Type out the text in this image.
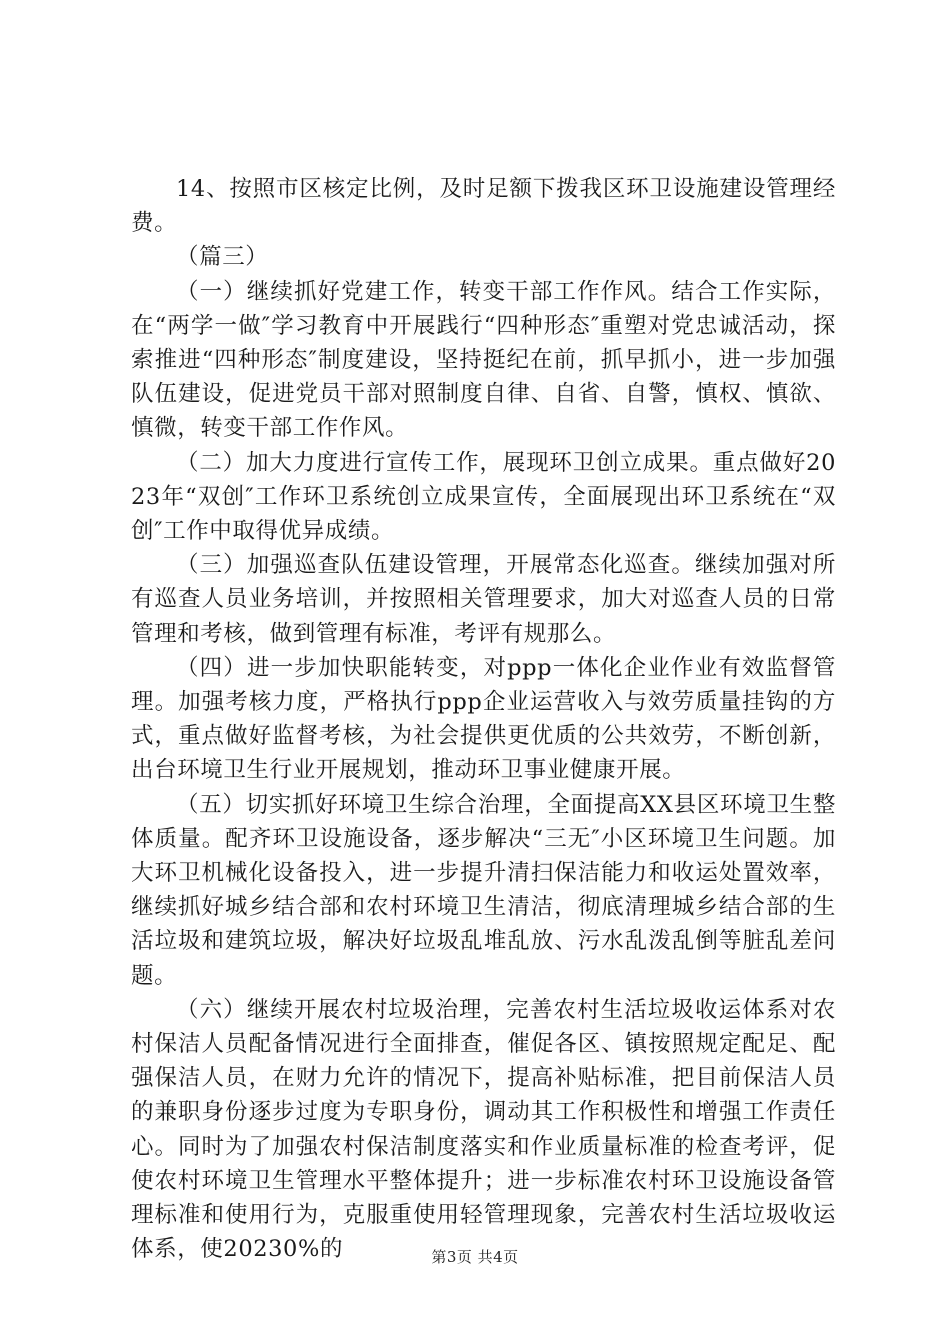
14、按照市区核定比例，及时足额下拨我区环卫设施建设管理经费。

（篇三）

（一）继续抓好党建工作，转变干部工作作风。结合工作实际，在“两学一做″学习教育中开展践行“四种形态″重塑对党忠诚活动，探索推进“四种形态″制度建设，坚持挺纪在前，抓早抓小，进一步加强队伍建设，促进党员干部对照制度自律、自省、自警，慎权、慎欲、慎微，转变干部工作作风。

（二）加大力度进行宣传工作，展现环卫创立成果。重点做好2023年“双创″工作环卫系统创立成果宣传，全面展现出环卫系统在“双创″工作中取得优异成绩。

（三）加强巡查队伍建设管理，开展常态化巡查。继续加强对所有巡查人员业务培训，并按照相关管理要求，加大对巡查人员的日常管理和考核，做到管理有标准，考评有规那么。

（四）进一步加快职能转变，对ppp一体化企业作业有效监督管理。加强考核力度，严格执行ppp企业运营收入与效劳质量挂钩的方式，重点做好监督考核，为社会提供更优质的公共效劳，不断创新，出台环境卫生行业开展规划，推动环卫事业健康开展。

（五）切实抓好环境卫生综合治理，全面提高XX县区环境卫生整体质量。配齐环卫设施设备，逐步解决“三无″小区环境卫生问题。加大环卫机械化设备投入，进一步提升清扫保洁能力和收运处置效率，继续抓好城乡结合部和农村环境卫生清洁，彻底清理城乡结合部的生活垃圾和建筑垃圾，解决好垃圾乱堆乱放、污水乱泼乱倒等脏乱差问题。

（六）继续开展农村垃圾治理，完善农村生活垃圾收运体系对农村保洁人员配备情况进行全面排查，催促各区、镇按照规定配足、配强保洁人员，在财力允许的情况下，提高补贴标准，把目前保洁人员的兼职身份逐步过度为专职身份，调动其工作积极性和增强工作责任心。同时为了加强农村保洁制度落实和作业质量标准的检查考评，促使农村环境卫生管理水平整体提升；进一步标准农村环卫设施设备管理标准和使用行为，克服重使用轻管理现象，完善农村生活垃圾收运体系，使20230%的	第3页 共4页
